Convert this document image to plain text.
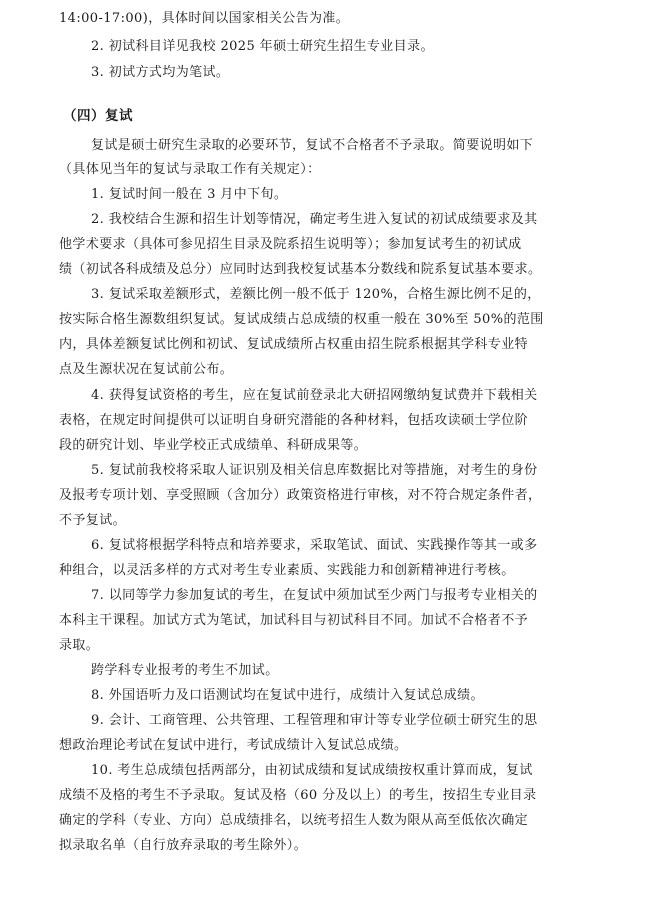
14:00-17:00)，具体时间以国家相关公告为准。
2. 初试科目详见我校 2025 年硕士研究生招生专业目录。
3. 初试方式均为笔试。
（四）复试
复试是硕士研究生录取的必要环节，复试不合格者不予录取。简要说明如下
（具体见当年的复试与录取工作有关规定）：
1. 复试时间一般在 3 月中下旬。
2. 我校结合生源和招生计划等情况，确定考生进入复试的初试成绩要求及其
他学术要求（具体可参见招生目录及院系招生说明等）；参加复试考生的初试成
绩（初试各科成绩及总分）应同时达到我校复试基本分数线和院系复试基本要求。
3. 复试采取差额形式，差额比例一般不低于 120%，合格生源比例不足的，
按实际合格生源数组织复试。复试成绩占总成绩的权重一般在 30%至 50%的范围
内，具体差额复试比例和初试、复试成绩所占权重由招生院系根据其学科专业特
点及生源状况在复试前公布。
4. 获得复试资格的考生，应在复试前登录北大研招网缴纳复试费并下载相关
表格，在规定时间提供可以证明自身研究潜能的各种材料，包括攻读硕士学位阶
段的研究计划、毕业学校正式成绩单、科研成果等。
5. 复试前我校将采取人证识别及相关信息库数据比对等措施，对考生的身份
及报考专项计划、享受照顾（含加分）政策资格进行审核，对不符合规定条件者，
不予复试。
6. 复试将根据学科特点和培养要求，采取笔试、面试、实践操作等其一或多
种组合，以灵活多样的方式对考生专业素质、实践能力和创新精神进行考核。
7. 以同等学力参加复试的考生，在复试中须加试至少两门与报考专业相关的
本科主干课程。加试方式为笔试，加试科目与初试科目不同。加试不合格者不予
录取。
跨学科专业报考的考生不加试。
8. 外国语听力及口语测试均在复试中进行，成绩计入复试总成绩。
9. 会计、工商管理、公共管理、工程管理和审计等专业学位硕士研究生的思
想政治理论考试在复试中进行，考试成绩计入复试总成绩。
10. 考生总成绩包括两部分，由初试成绩和复试成绩按权重计算而成，复试
成绩不及格的考生不予录取。复试及格（60 分及以上）的考生，按招生专业目录
确定的学科（专业、方向）总成绩排名，以统考招生人数为限从高至低依次确定
拟录取名单（自行放弃录取的考生除外）。
